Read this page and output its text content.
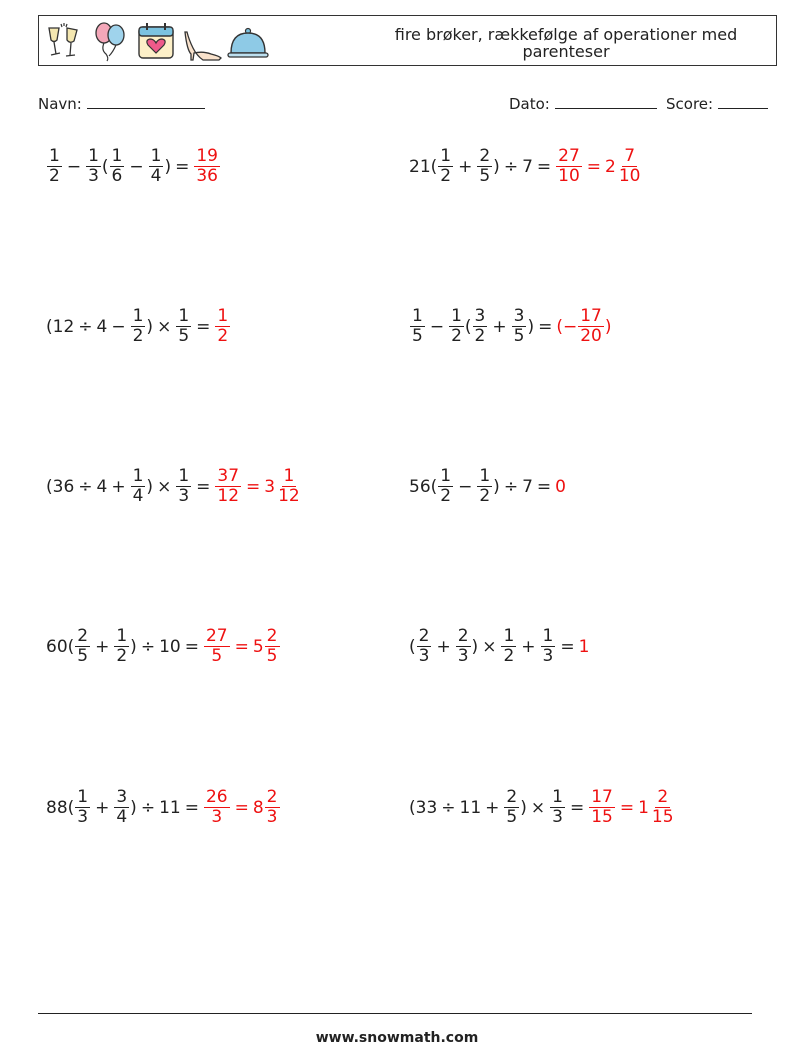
fire brøker, rækkefølge af operationer med parenteser
Navn:	Dato:	Score:
$\frac{1}{2} - \frac{1}{3}$ ( $\frac{1}{6} - \frac{1}{4}$ ) = $\frac{19}{36}$	$21( \frac{1}{2} + \frac{2}{5}$ ) ÷ $7 = \frac{27}{10} = 2 \frac{7}{10}$
($12 \div 4 - \frac{1}{2}$ ) × $\frac{1}{5} = \frac{1}{2}$	$\frac{1}{5} - \frac{1}{2}$ ( $\frac{3}{2} + \frac{3}{5}$ ) = (− $\frac{17}{20}$ )
($36 \div 4 + \frac{1}{4}$ ) × $\frac{1}{3} = \frac{37}{12} = 3 \frac{1}{12}$	$56( \frac{1}{2} - \frac{1}{2}$ ) ÷ 7 = 0
$60( \frac{2}{5} + \frac{1}{2}$ ) ÷ $10 = \frac{27}{5} = 5 \frac{2}{5}$	( $\frac{2}{3} + \frac{2}{3}$ ) × $\frac{1}{2} + \frac{1}{3} = 1$
$88( \frac{1}{3} + \frac{3}{4}$ ) ÷ $11 = \frac{26}{3} = 8 \frac{2}{3}$	($33 \div 11 + \frac{2}{5}$ ) × $\frac{1}{3} = \frac{17}{15} = 1 \frac{2}{15}$
www.snowmath.com
